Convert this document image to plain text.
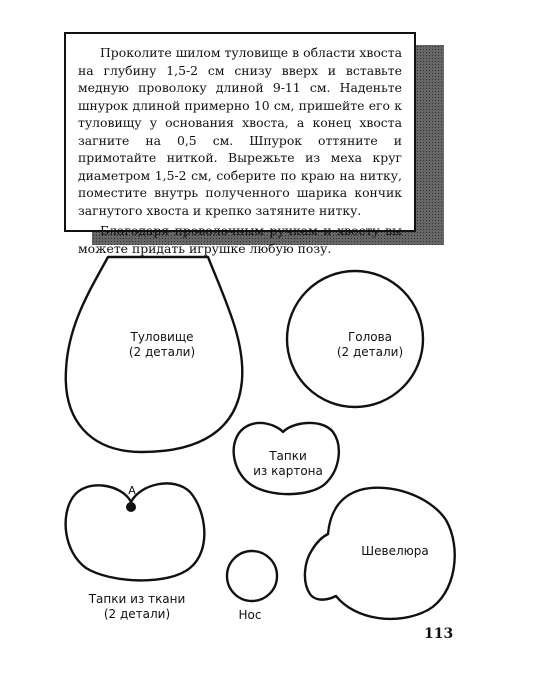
Проколите шилом туловище в области хвоста на глубину 1,5-2 см снизу вверх и вставьте медную проволоку длиной 9-11 см. Наденьте шнурок длиной примерно 10 см, пришейте его к туловищу у основания хвоста, а конец хвоста загните на 0,5 см. Шпурок оттяните и примотайте ниткой. Вырежьте из меха круг диаметром 1,5-2 см, соберите по краю на нитку, поместите внутрь полученного шарика кончик загнутого хвоста и крепко затяните нитку.

Благодаря проволочным ручкам и хвосту вы можете придать игрушке любую позу.

Туловище
(2 детали)
Голова
(2 детали)
Тапки
из картона
А
Тапки из ткани
(2 детали)	Нос
Шевелюра
113
